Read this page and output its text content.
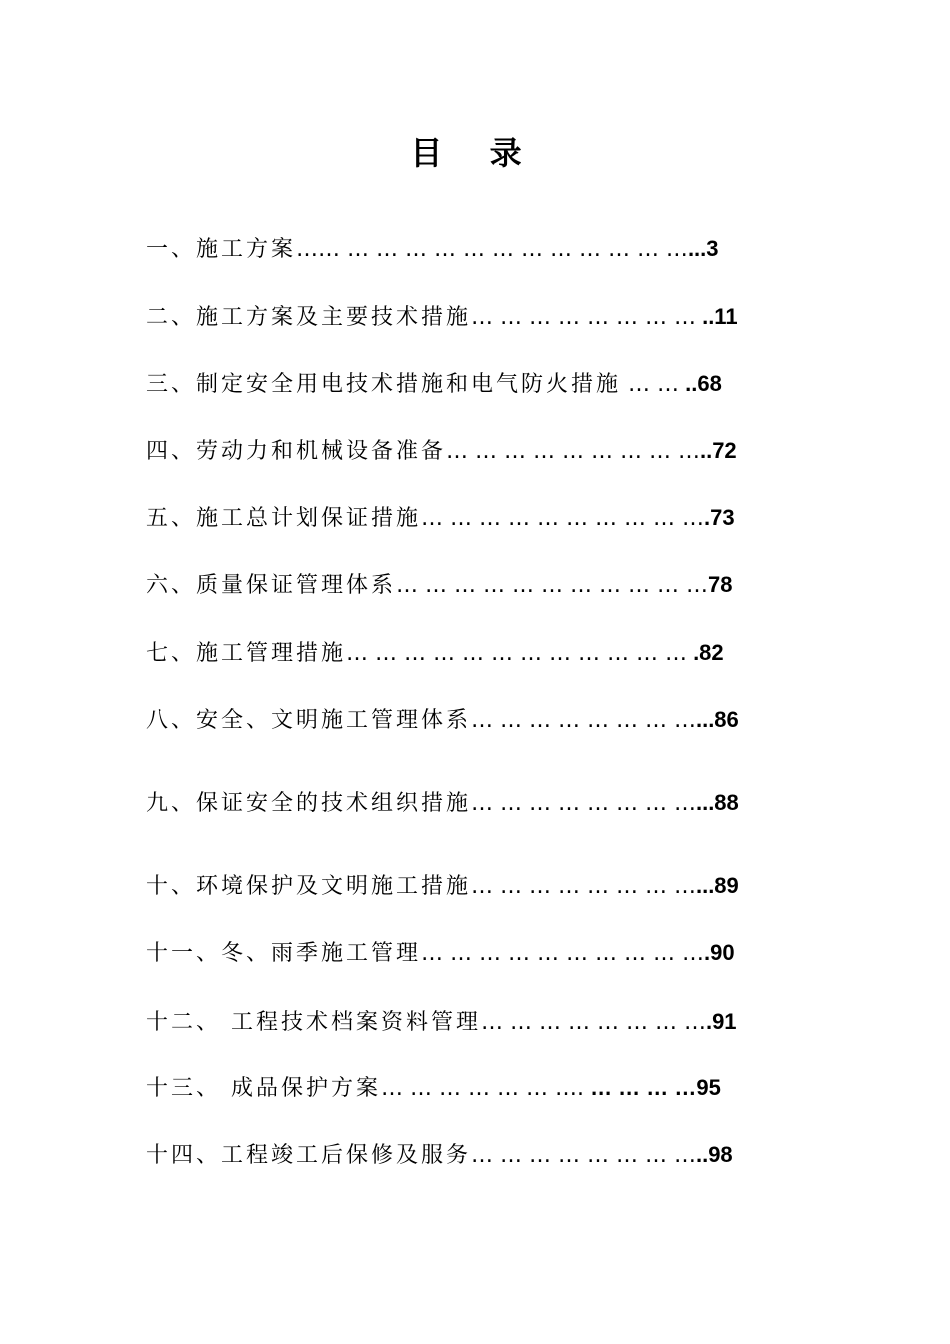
目 录
一、施工方案…… … … … … … … … … … … … …...3
二、施工方案及主要技术措施… … … … … … … … ..11
三、制定安全用电技术措施和电气防火措施 … … ..68
四、劳动力和机械设备准备… … … … … … … … …..72
五、施工总计划保证措施… … … … … … … … … ….73
六、质量保证管理体系… … … … … … … … … … …78
七、施工管理措施… … … … … … … … … … … … .82
八、安全、文明施工管理体系… … … … … … … …...86
九、保证安全的技术组织措施… … … … … … … …...88
十、环境保护及文明施工措施… … … … … … … …...89
十一、冬、雨季施工管理… … … … … … … … … ….90
十二、 工程技术档案资料管理… … … … … … … ….91
十三、 成品保护方案… … … … … … …. … … … …95
十四、工程竣工后保修及服务… … … … … … … …..98
